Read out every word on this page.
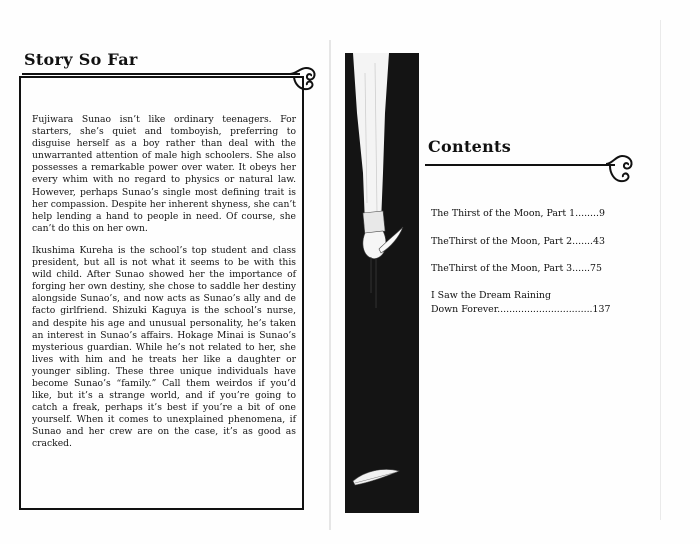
Story So Far

Fujiwara Sunao isn’t like ordinary teenagers. For starters, she’s quiet and tomboyish, preferring to disguise herself as a boy rather than deal with the unwarranted attention of male high schoolers. She also possesses a remarkable power over water. It obeys her every whim with no regard to physics or natural law. However, perhaps Sunao’s single most defining trait is her compassion. Despite her inherent shyness, she can’t help lending a hand to people in need. Of course, she can’t do this on her own.

Ikushima Kureha is the school’s top student and class president, but all is not what it seems to be with this wild child. After Sunao showed her the importance of forging her own destiny, she chose to saddle her destiny alongside Sunao’s, and now acts as Sunao’s ally and de facto girlfriend. Shizuki Kaguya is the school’s nurse, and despite his age and unusual personality, he’s taken an interest in Sunao’s affairs. Hokage Minai is Sunao’s mysterious guardian. While he’s not related to her, she lives with him and he treats her like a daughter or younger sibling. These three unique individuals have become Sunao’s “family.” Call them weirdos if you’d like, but it’s a strange world, and if you’re going to catch a freak, perhaps it’s best if you’re a bit of one yourself. When it comes to unexplained phenomena, if Sunao and her crew are on the case, it’s as good as cracked.

Contents
The Thirst of the Moon, Part 1........9
TheThirst of the Moon, Part 2.......43
TheThirst of the Moon, Part 3......75
I Saw the Dream Raining
Down Forever................................137
